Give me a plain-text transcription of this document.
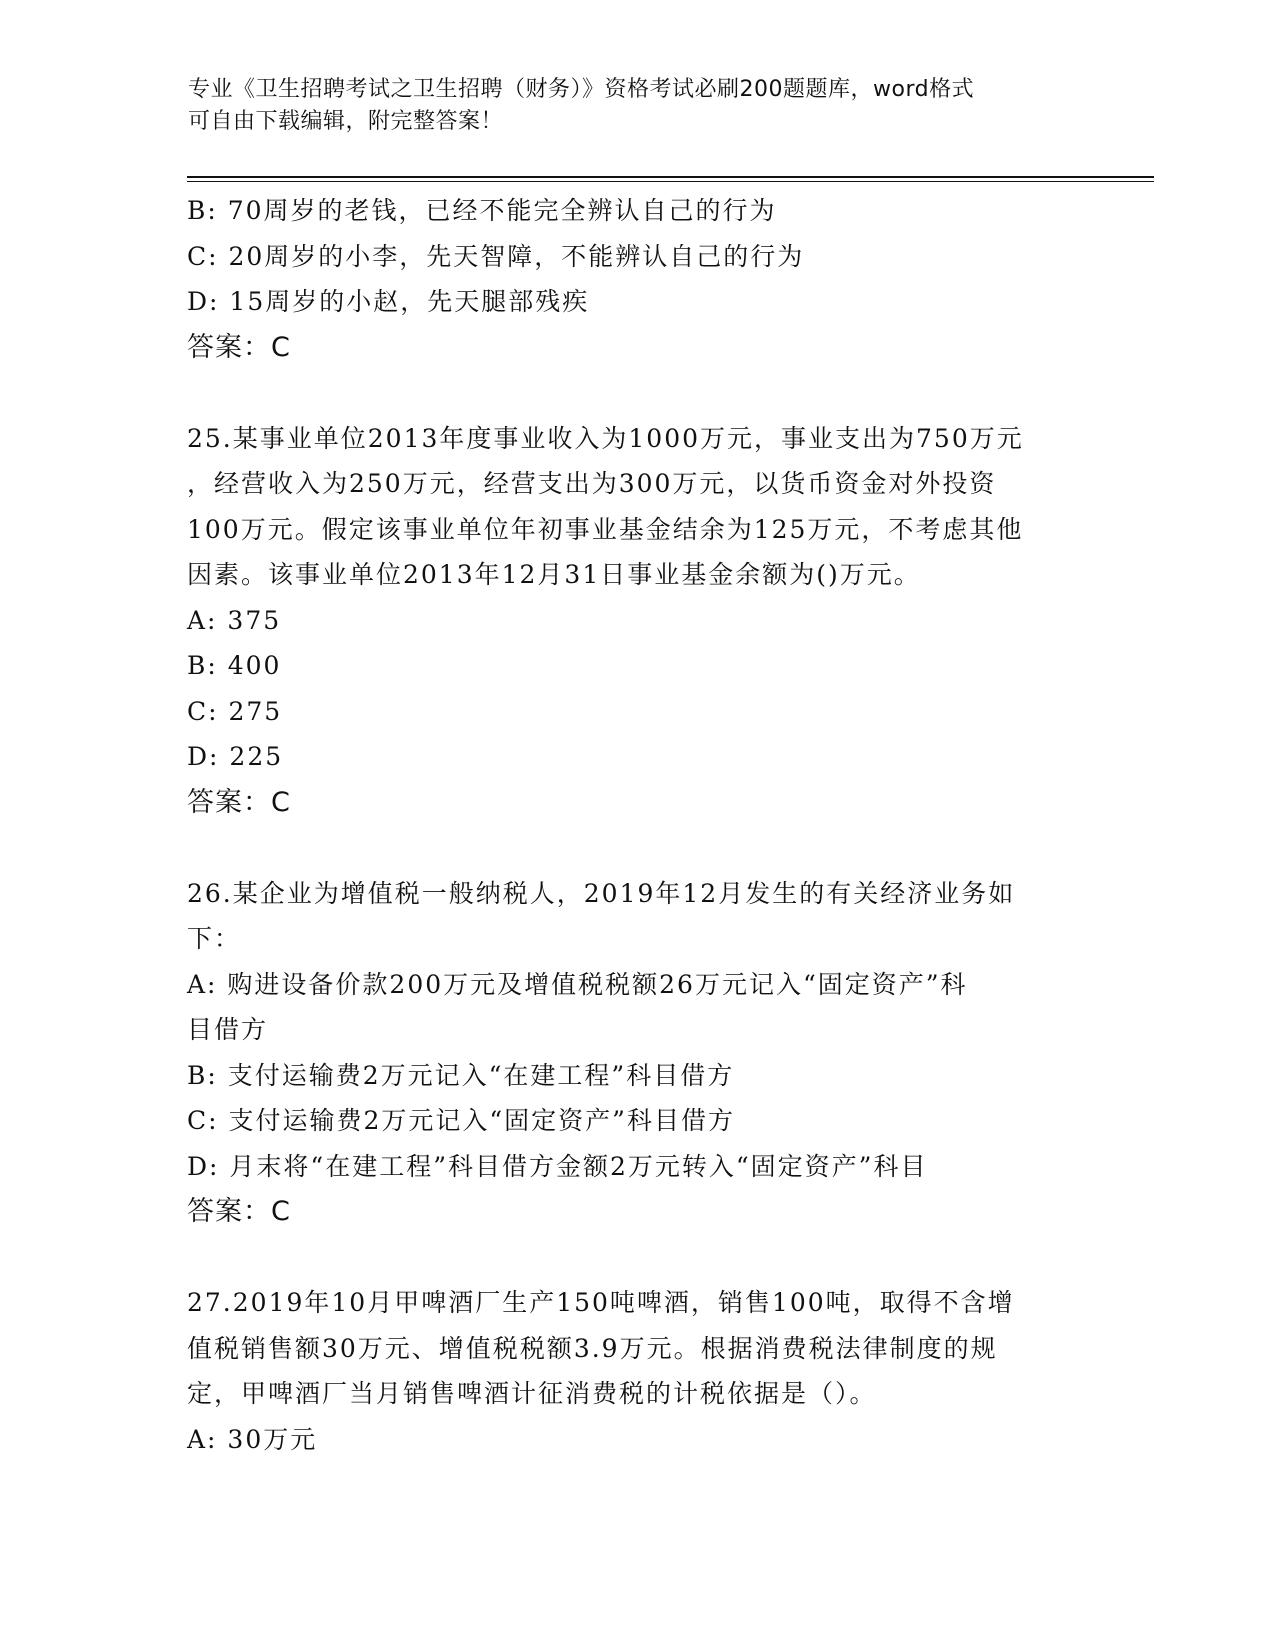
专业《卫生招聘考试之卫生招聘（财务）》资格考试必刷200题题库，word格式
可自由下载编辑，附完整答案！
B: 70周岁的老钱，已经不能完全辨认自己的行为
C: 20周岁的小李，先天智障，不能辨认自己的行为
D: 15周岁的小赵，先天腿部残疾
答案：C
25.某事业单位2013年度事业收入为1000万元，事业支出为750万元
，经营收入为250万元，经营支出为300万元，以货币资金对外投资
100万元。假定该事业单位年初事业基金结余为125万元，不考虑其他
因素。该事业单位2013年12月31日事业基金余额为()万元。
A: 375
B: 400
C: 275
D: 225
答案：C
26.某企业为增值税一般纳税人，2019年12月发生的有关经济业务如
下：
A: 购进设备价款200万元及增值税税额26万元记入“固定资产”科
目借方
B: 支付运输费2万元记入“在建工程”科目借方
C: 支付运输费2万元记入“固定资产”科目借方
D: 月末将“在建工程”科目借方金额2万元转入“固定资产”科目
答案：C
27.2019年10月甲啤酒厂生产150吨啤酒，销售100吨，取得不含增
值税销售额30万元、增值税税额3.9万元。根据消费税法律制度的规
定，甲啤酒厂当月销售啤酒计征消费税的计税依据是（）。
A: 30万元
